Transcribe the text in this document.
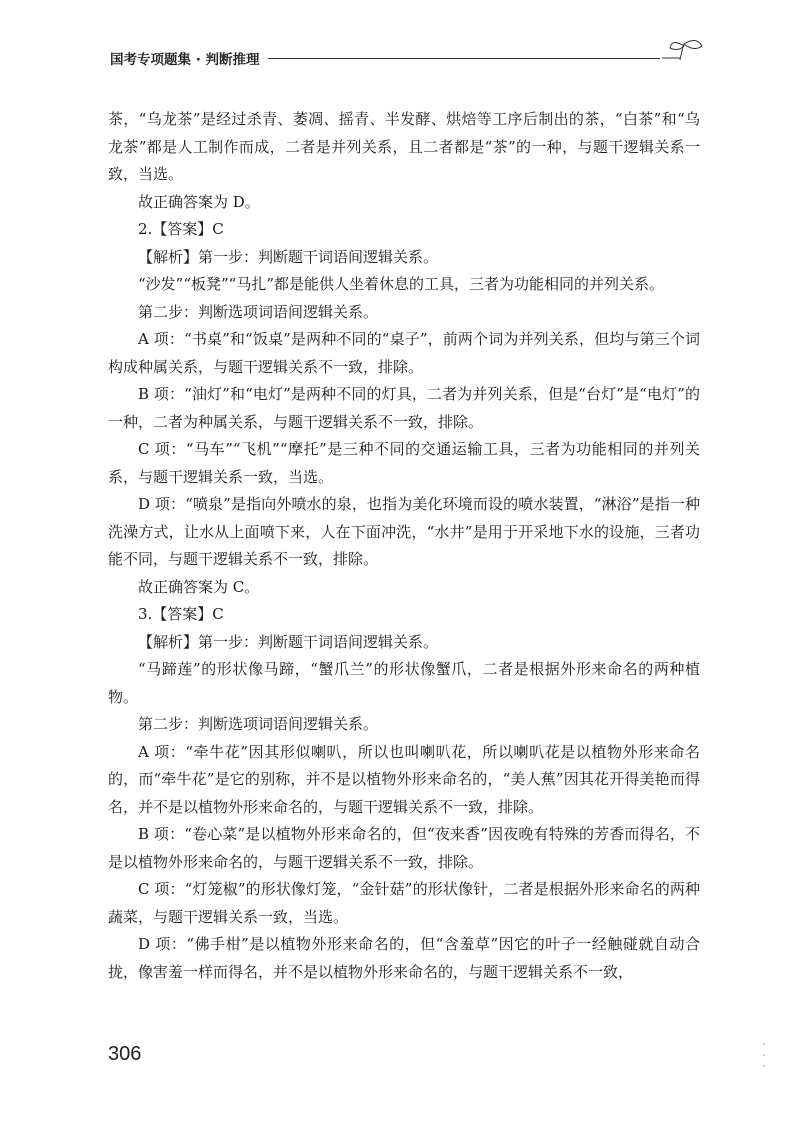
国考专项题集 · 判断推理

茶，“乌龙茶”是经过杀青、萎凋、摇青、半发酵、烘焙等工序后制出的茶，“白茶”和“乌龙茶”都是人工制作而成，二者是并列关系，且二者都是“茶”的一种，与题干逻辑关系一致，当选。

故正确答案为 D。

2.【答案】C

【解析】第一步：判断题干词语间逻辑关系。

“沙发”“板凳”“马扎”都是能供人坐着休息的工具，三者为功能相同的并列关系。

第二步：判断选项词语间逻辑关系。

A 项：“书桌”和“饭桌”是两种不同的“桌子”，前两个词为并列关系，但均与第三个词构成种属关系，与题干逻辑关系不一致，排除。

B 项：“油灯”和“电灯”是两种不同的灯具，二者为并列关系，但是“台灯”是“电灯”的一种，二者为种属关系，与题干逻辑关系不一致，排除。

C 项：“马车”“飞机”“摩托”是三种不同的交通运输工具，三者为功能相同的并列关系，与题干逻辑关系一致，当选。

D 项：“喷泉”是指向外喷水的泉，也指为美化环境而设的喷水装置，“淋浴”是指一种洗澡方式，让水从上面喷下来，人在下面冲洗，“水井”是用于开采地下水的设施，三者功能不同，与题干逻辑关系不一致，排除。

故正确答案为 C。

3.【答案】C

【解析】第一步：判断题干词语间逻辑关系。

“马蹄莲”的形状像马蹄，“蟹爪兰”的形状像蟹爪，二者是根据外形来命名的两种植物。

第二步：判断选项词语间逻辑关系。

A 项：“牵牛花”因其形似喇叭，所以也叫喇叭花，所以喇叭花是以植物外形来命名的，而“牵牛花”是它的别称，并不是以植物外形来命名的，“美人蕉”因其花开得美艳而得名，并不是以植物外形来命名的，与题干逻辑关系不一致，排除。

B 项：“卷心菜”是以植物外形来命名的，但“夜来香”因夜晚有特殊的芳香而得名，不是以植物外形来命名的，与题干逻辑关系不一致，排除。

C 项：“灯笼椒”的形状像灯笼，“金针菇”的形状像针，二者是根据外形来命名的两种蔬菜，与题干逻辑关系一致，当选。

D 项：“佛手柑”是以植物外形来命名的，但“含羞草”因它的叶子一经触碰就自动合拢，像害羞一样而得名，并不是以植物外形来命名的，与题干逻辑关系不一致，

306
